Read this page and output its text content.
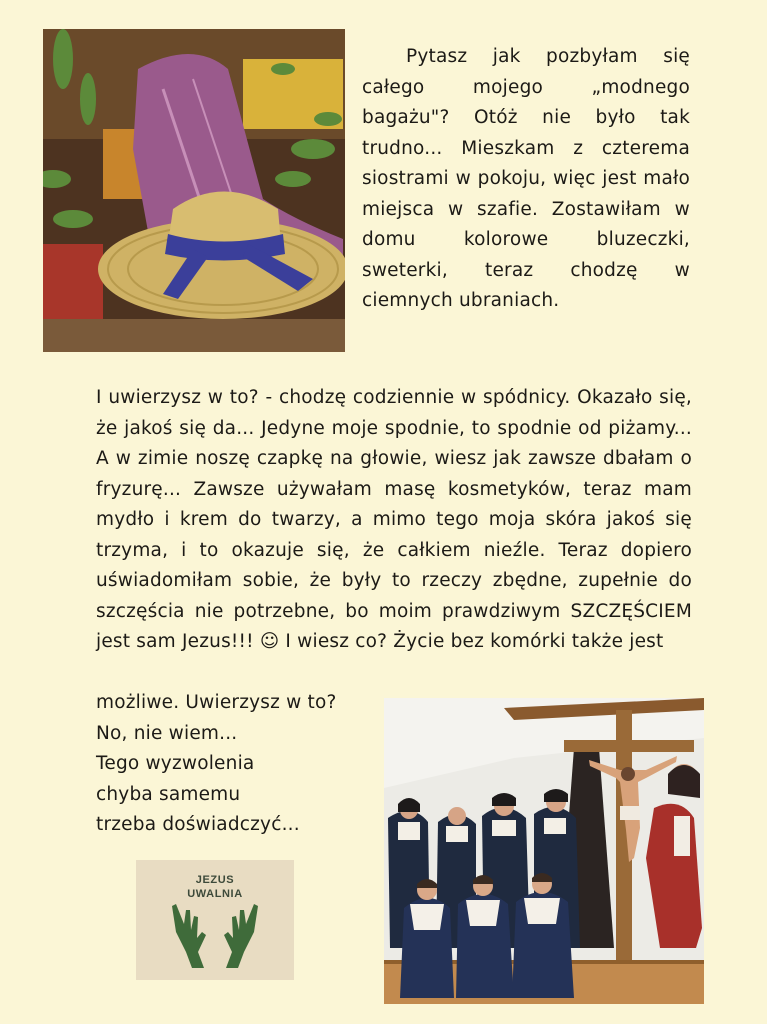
Pytasz jak pozbyłam się całego mojego „modnego bagażu"? Otóż nie było tak trudno... Mieszkam z czterema siostrami w pokoju, więc jest mało miejsca w szafie. Zostawiłam w domu kolorowe	bluzeczki, sweterki, teraz chodzę w ciemnych ubraniach.
I uwierzysz w to? - chodzę codziennie w spódnicy. Okazało się, że jakoś się da... Jedyne moje spodnie, to spodnie od piżamy... A w zimie noszę czapkę na głowie, wiesz jak zawsze dbałam o fryzurę... Zawsze używałam masę kosmetyków, teraz mam mydło i krem do twarzy, a mimo tego moja skóra jakoś się trzyma, i to okazuje się, że całkiem nieźle. Teraz dopiero uświadomiłam sobie, że były to rzeczy zbędne, zupełnie do szczęścia nie potrzebne, bo moim prawdziwym SZCZĘŚCIEM jest sam Jezus!!! ☺ I wiesz co? Życie bez komórki także jest
możliwe. Uwierzysz w to?
No, nie wiem...
Tego wyzwolenia
chyba samemu
trzeba doświadczyć...
JEZUS
UWALNIA
